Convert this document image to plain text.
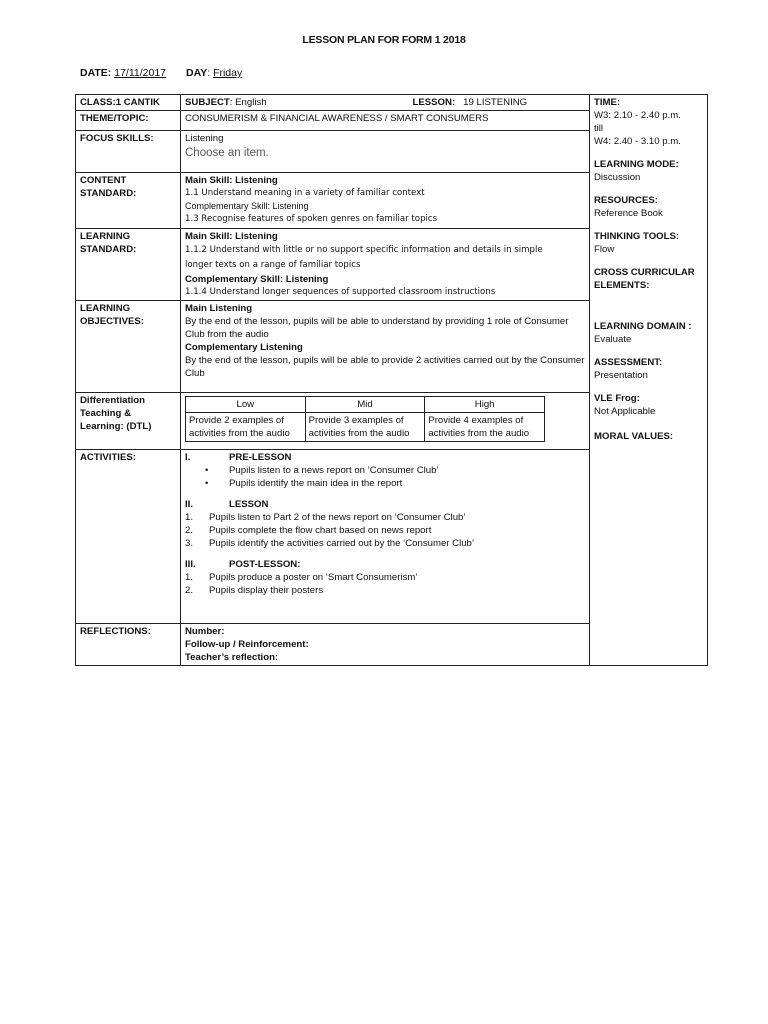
LESSON PLAN FOR FORM 1 2018
DATE: 17/11/2017 DAY: Friday
CLASS:1 CANTIK	SUBJECT: English	LESSON: 19 LISTENING	TIME:

W3: 2.10 - 2.40 p.m.

till

W4: 2.40 - 3.10 p.m.

LEARNING MODE:

Discussion

RESOURCES:

Reference Book

THINKING TOOLS:

Flow

CROSS CURRICULAR

ELEMENTS:

LEARNING DOMAIN :

Evaluate

ASSESSMENT:

Presentation

VLE Frog:

Not Applicable

MORAL VALUES:

THEME/TOPIC:	CONSUMERISM & FINANCIAL AWARENESS / SMART CONSUMERS
FOCUS SKILLS:	Listening
Choose an item.

CONTENT
STANDARD:

Main Skill: Listening
1.1 Understand meaning in a variety of familiar context
Complementary Skill: Listening
1.3 Recognise features of spoken genres on familiar topics

LEARNING
STANDARD:

Main Skill: Listening
1.1.2 Understand with little or no support specific information and details in simple
longer texts on a range of familiar topics
Complementary Skill: Listening
1.1.4 Understand longer sequences of supported classroom instructions

LEARNING
OBJECTIVES:

Main Listening
By the end of the lesson, pupils will be able to understand by providing 1 role of Consumer Club from the audio
Complementary Listening
By the end of the lesson, pupils will be able to provide 2 activities carried out by the Consumer Club

Differentiation
Teaching &
Learning: (DTL)

Low	Mid	High
Provide 2 examples of activities from the audio	Provide 3 examples of activities from the audio	Provide 4 examples of activities from the audio

ACTIVITIES:	I.	PRE-LESSON
• Pupils listen to a news report on ‘Consumer Club’
• Pupils identify the main idea in the report
II.	LESSON
1. Pupils listen to Part 2 of the news report on ‘Consumer Club’
2. Pupils complete the flow chart based on news report
3. Pupils identify the activities carried out by the ‘Consumer Club’
III.	POST-LESSON:
1. Pupils produce a poster on ‘Smart Consumerism’
2. Pupils display their posters

REFLECTIONS:	Number:
Follow-up / Reinforcement:
Teacher’s reflection:
